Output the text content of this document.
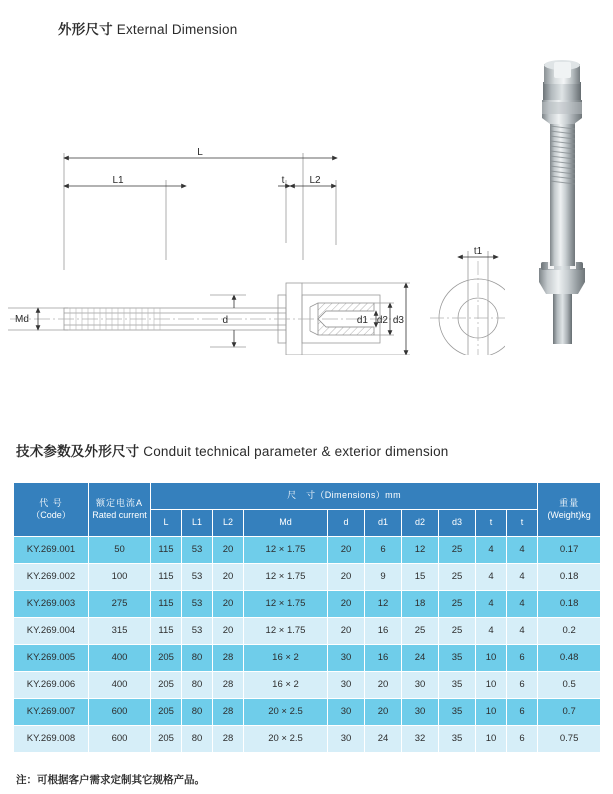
外形尺寸 External Dimension
L
L1	L2
t
Md	d	d1 d2 d3
t1
技术参数及外形尺寸 Conduit technical parameter & exterior dimension
代 号
（Code）	额定电流A
Rated current	尺　寸（Dimensions）mm										重量
(Weight)kg

		L	L1	L2	Md	d	d1	d2	d3	t	t	
KY.269.001	50	115	53	20	12 × 1.75	20	6	12	25	4	4	0.17
KY.269.002	100	115	53	20	12 × 1.75	20	9	15	25	4	4	0.18
KY.269.003	275	115	53	20	12 × 1.75	20	12	18	25	4	4	0.18
KY.269.004	315	115	53	20	12 × 1.75	20	16	25	25	4	4	0.2
KY.269.005	400	205	80	28	16 × 2	30	16	24	35	10	6	0.48
KY.269.006	400	205	80	28	16 × 2	30	20	30	35	10	6	0.5
KY.269.007	600	205	80	28	20 × 2.5	30	20	30	35	10	6	0.7
KY.269.008	600	205	80	28	20 × 2.5	30	24	32	35	10	6	0.75
注：可根据客户需求定制其它规格产品。
